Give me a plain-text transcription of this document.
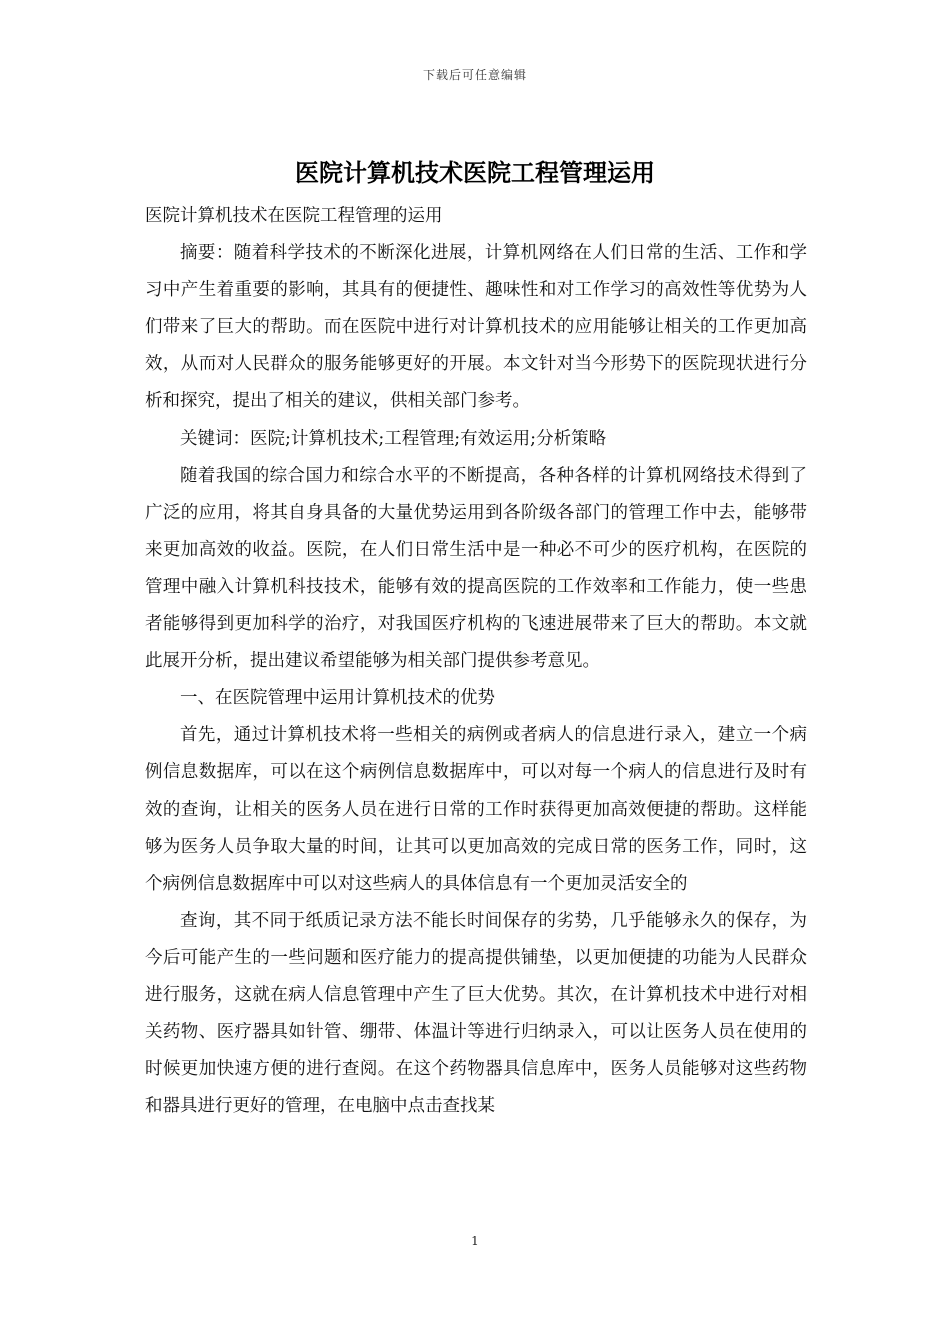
下载后可任意编辑
医院计算机技术医院工程管理运用

医院计算机技术在医院工程管理的运用

摘要：随着科学技术的不断深化进展，计算机网络在人们日常的生活、工作和学习中产生着重要的影响，其具有的便捷性、趣味性和对工作学习的高效性等优势为人们带来了巨大的帮助。而在医院中进行对计算机技术的应用能够让相关的工作更加高效，从而对人民群众的服务能够更好的开展。本文针对当今形势下的医院现状进行分析和探究，提出了相关的建议，供相关部门参考。

关键词：医院;计算机技术;工程管理;有效运用;分析策略

随着我国的综合国力和综合水平的不断提高，各种各样的计算机网络技术得到了广泛的应用，将其自身具备的大量优势运用到各阶级各部门的管理工作中去，能够带来更加高效的收益。医院，在人们日常生活中是一种必不可少的医疗机构，在医院的管理中融入计算机科技技术，能够有效的提高医院的工作效率和工作能力，使一些患者能够得到更加科学的治疗，对我国医疗机构的飞速进展带来了巨大的帮助。本文就此展开分析，提出建议希望能够为相关部门提供参考意见。

一、在医院管理中运用计算机技术的优势

首先，通过计算机技术将一些相关的病例或者病人的信息进行录入，建立一个病例信息数据库，可以在这个病例信息数据库中，可以对每一个病人的信息进行及时有效的查询，让相关的医务人员在进行日常的工作时获得更加高效便捷的帮助。这样能够为医务人员争取大量的时间，让其可以更加高效的完成日常的医务工作，同时，这个病例信息数据库中可以对这些病人的具体信息有一个更加灵活安全的

查询，其不同于纸质记录方法不能长时间保存的劣势，几乎能够永久的保存，为今后可能产生的一些问题和医疗能力的提高提供铺垫，以更加便捷的功能为人民群众进行服务，这就在病人信息管理中产生了巨大优势。其次，在计算机技术中进行对相关药物、医疗器具如针管、绷带、体温计等进行归纳录入，可以让医务人员在使用的时候更加快速方便的进行查阅。在这个药物器具信息库中，医务人员能够对这些药物和器具进行更好的管理，在电脑中点击查找某

1
